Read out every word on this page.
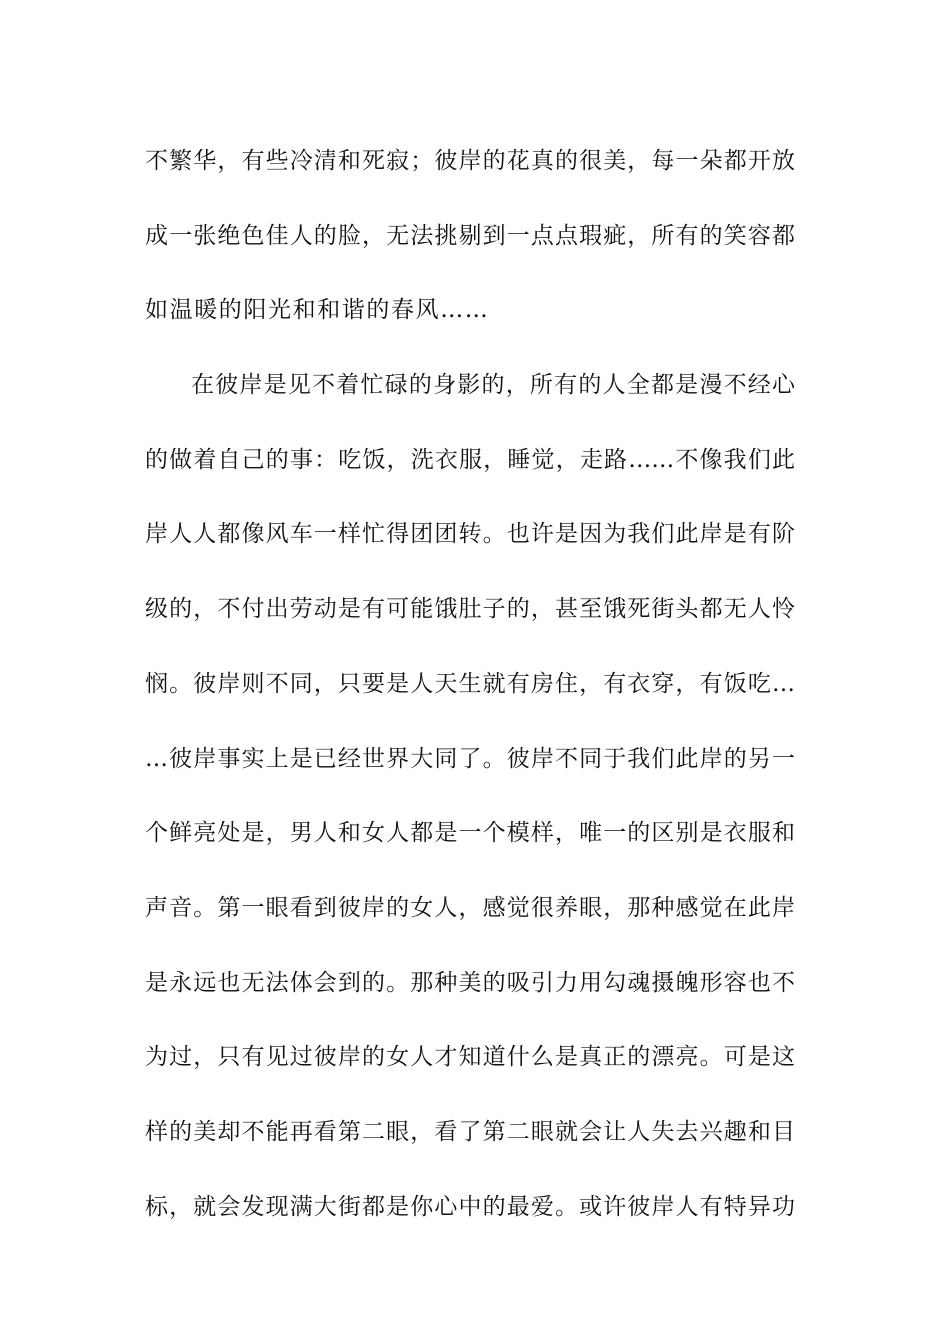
不繁华，有些冷清和死寂；彼岸的花真的很美，每一朵都开放
成一张绝色佳人的脸，无法挑剔到一点点瑕疵，所有的笑容都
如温暖的阳光和和谐的春风……
在彼岸是见不着忙碌的身影的，所有的人全都是漫不经心
的做着自己的事：吃饭，洗衣服，睡觉，走路……不像我们此
岸人人都像风车一样忙得团团转。也许是因为我们此岸是有阶
级的，不付出劳动是有可能饿肚子的，甚至饿死街头都无人怜
悯。彼岸则不同，只要是人天生就有房住，有衣穿，有饭吃…
…彼岸事实上是已经世界大同了。彼岸不同于我们此岸的另一
个鲜亮处是，男人和女人都是一个模样，唯一的区别是衣服和
声音。第一眼看到彼岸的女人，感觉很养眼，那种感觉在此岸
是永远也无法体会到的。那种美的吸引力用勾魂摄魄形容也不
为过，只有见过彼岸的女人才知道什么是真正的漂亮。可是这
样的美却不能再看第二眼，看了第二眼就会让人失去兴趣和目
标，就会发现满大街都是你心中的最爱。或许彼岸人有特异功
